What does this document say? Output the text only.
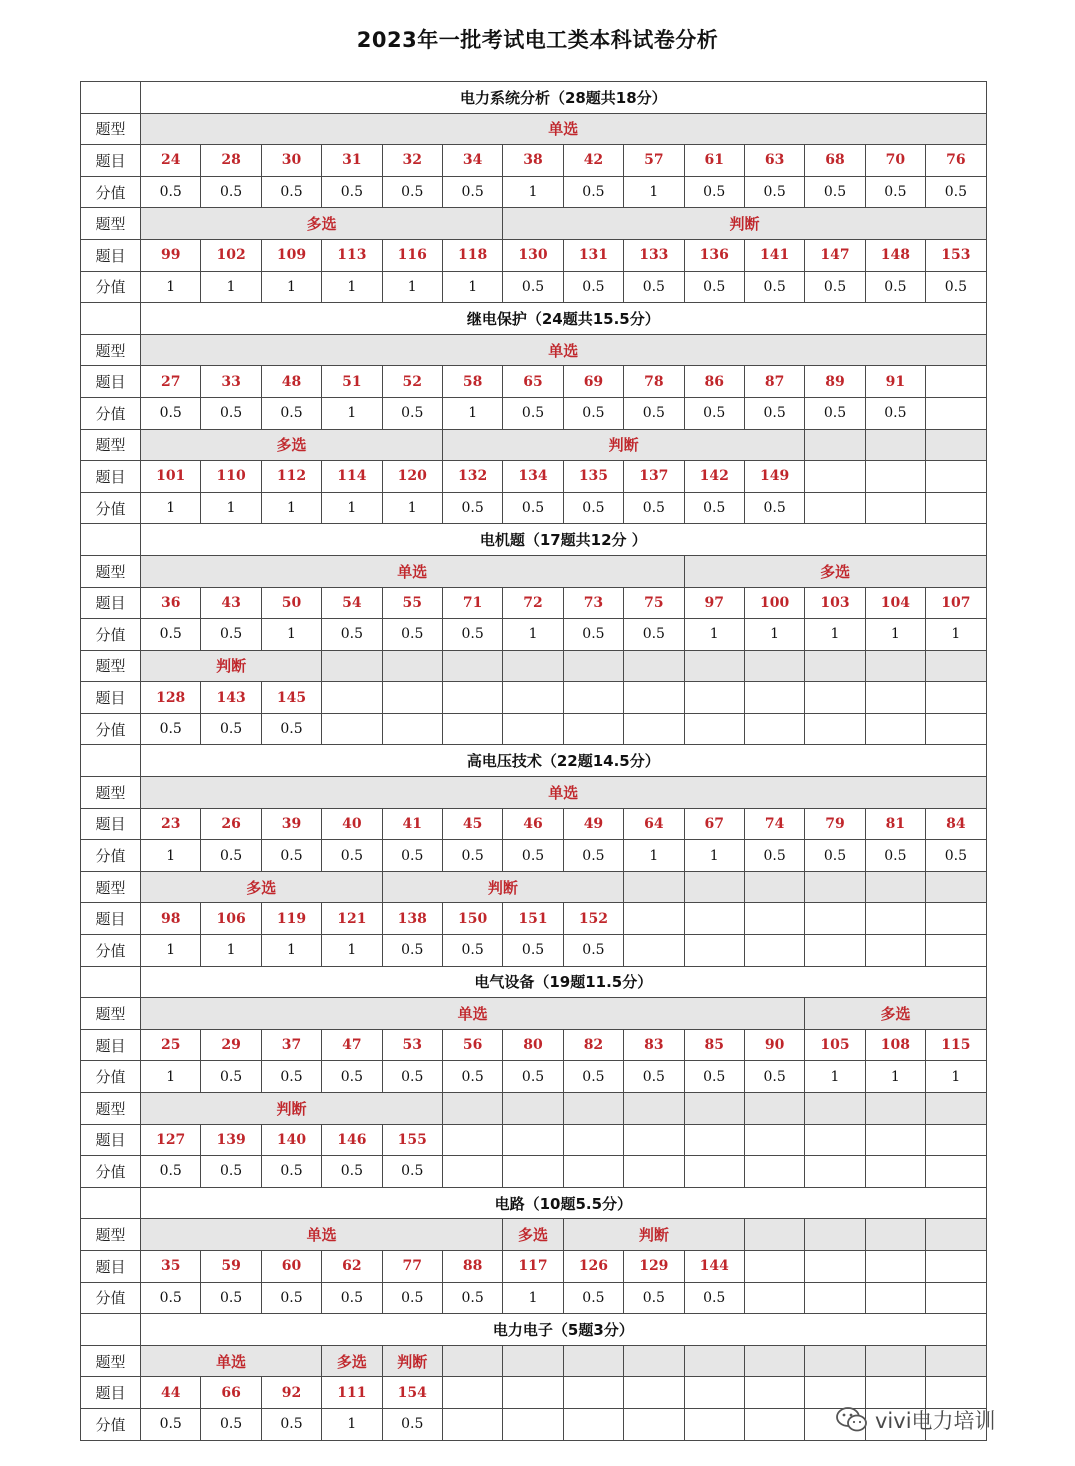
2023年一批考试电工类本科试卷分析
	电力系统分析（28题共18分）													
题型	单选													
题目	24	28	30	31	32	34	38	42	57	61	63	68	70	76
分值	0.5	0.5	0.5	0.5	0.5	0.5	1	0.5	1	0.5	0.5	0.5	0.5	0.5
题型	多选						判断							
题目	99	102	109	113	116	118	130	131	133	136	141	147	148	153
分值	1	1	1	1	1	1	0.5	0.5	0.5	0.5	0.5	0.5	0.5	0.5
	继电保护（24题共15.5分）													
题型	单选													
题目	27	33	48	51	52	58	65	69	78	86	87	89	91	
分值	0.5	0.5	0.5	1	0.5	1	0.5	0.5	0.5	0.5	0.5	0.5	0.5	
题型	多选					判断								
题目	101	110	112	114	120	132	134	135	137	142	149			
分值	1	1	1	1	1	0.5	0.5	0.5	0.5	0.5	0.5			
	电机题（17题共12分 ）													
题型	单选									多选				
题目	36	43	50	54	55	71	72	73	75	97	100	103	104	107
分值	0.5	0.5	1	0.5	0.5	0.5	1	0.5	0.5	1	1	1	1	1
题型	判断													
题目	128	143	145											
分值	0.5	0.5	0.5											
	高电压技术（22题14.5分）													
题型	单选													
题目	23	26	39	40	41	45	46	49	64	67	74	79	81	84
分值	1	0.5	0.5	0.5	0.5	0.5	0.5	0.5	1	1	0.5	0.5	0.5	0.5
题型	多选				判断									
题目	98	106	119	121	138	150	151	152						
分值	1	1	1	1	0.5	0.5	0.5	0.5						
	电气设备（19题11.5分）													
题型	单选											多选		
题目	25	29	37	47	53	56	80	82	83	85	90	105	108	115
分值	1	0.5	0.5	0.5	0.5	0.5	0.5	0.5	0.5	0.5	0.5	1	1	1
题型	判断													
题目	127	139	140	146	155									
分值	0.5	0.5	0.5	0.5	0.5									
	电路（10题5.5分）													
题型	单选						多选	判断						
题目	35	59	60	62	77	88	117	126	129	144				
分值	0.5	0.5	0.5	0.5	0.5	0.5	1	0.5	0.5	0.5				
	电力电子（5题3分）													
题型	单选			多选	判断									
题目	44	66	92	111	154									
分值	0.5	0.5	0.5	1	0.5										vivi电力培训
